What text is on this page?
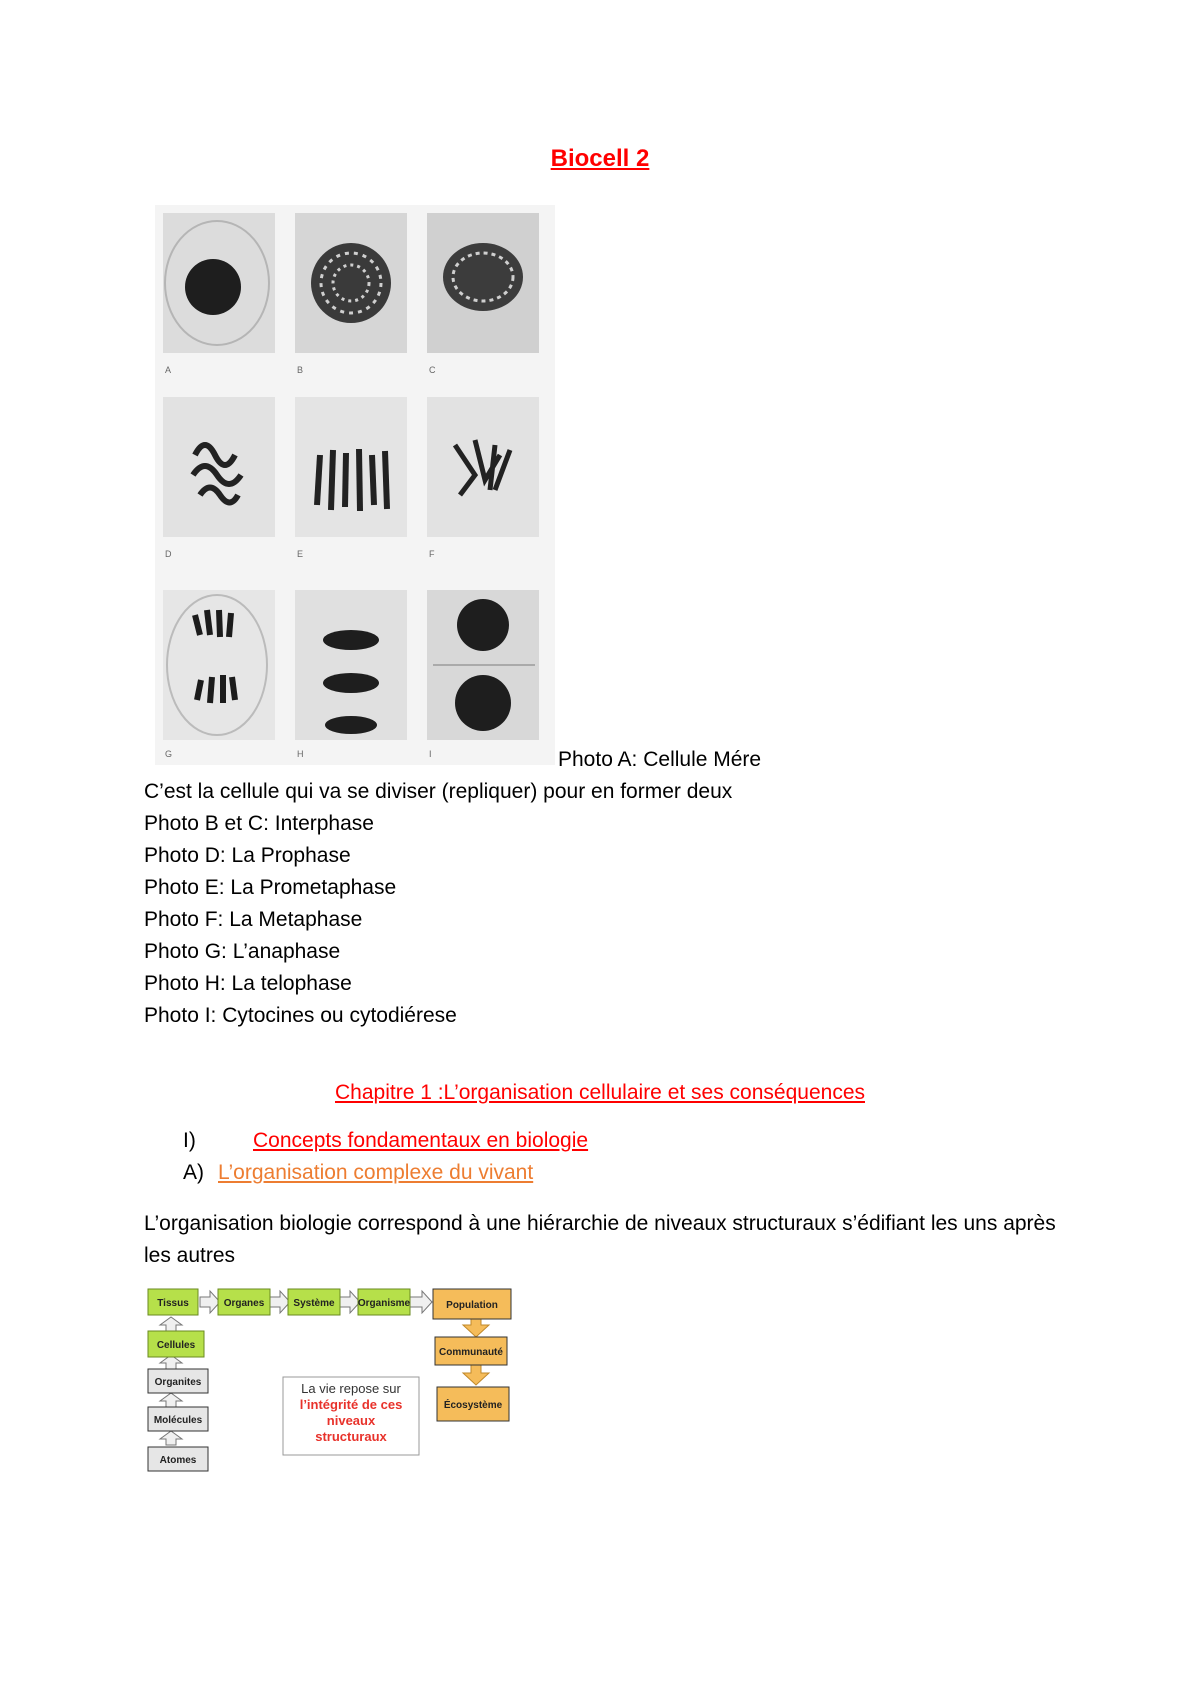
Biocell 2
A	B	C
D	E	F
G	H	I	Photo A: Cellule Mére
C’est la cellule qui va se diviser (repliquer) pour en former deux
Photo B et C: Interphase
Photo D: La Prophase
Photo E: La Prometaphase
Photo F: La Metaphase
Photo G: L’anaphase
Photo H: La telophase
Photo I: Cytocines ou cytodiérese
Chapitre 1 :L’organisation cellulaire et ses conséquences
I)	Concepts fondamentaux en biologie
A) L’organisation complexe du vivant
L’organisation biologie correspond à une hiérarchie de niveaux structuraux s’édifiant les uns après les autres
Tissus	Organes	Système Organisme
Cellules
Organites
Molécules
Atomes
Population
Communauté
Écosystème
La vie repose sur
l’intégrité de ces
niveaux
structuraux
